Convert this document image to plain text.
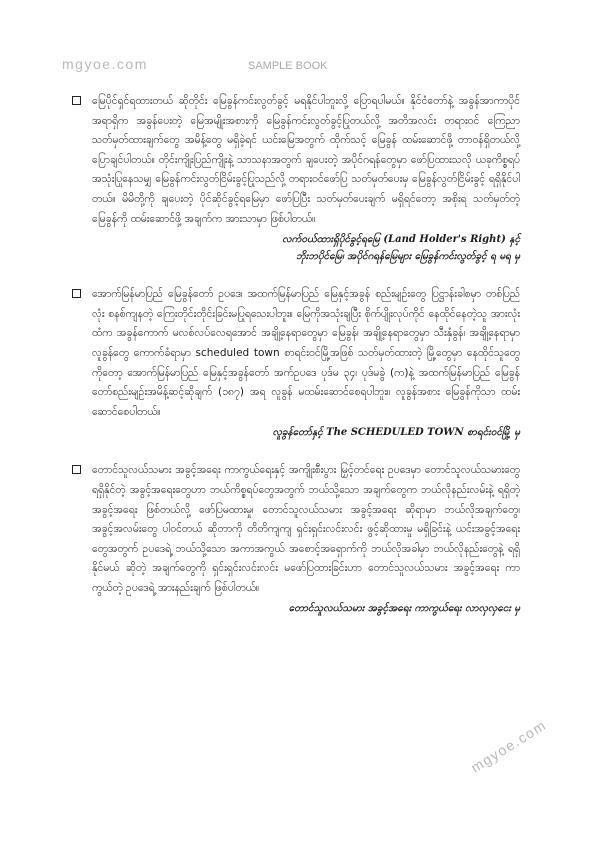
mgyoe.com	SAMPLE BOOK

မြေပိုင်ရှင်ရထားတယ် ဆိုတိုင်း မြေခွန်ကင်းလွတ်ခွင့် မရနိုင်ပါဘူးလို့ ပြောရပါမယ်။ နိုင်ငံတော်နဲ့ အခွန်အာကာပိုင် အရာရှိက အခွန်ပေးတဲ့ မြေအမျိုးအစားကို မြေခွန်ကင်းလွတ်ခွင့်ပြုတယ်လို့ အတိအလင်း တရားဝင် ကြေညာ သတ်မှတ်ထားချက်တွေ အမိန့်တွေ မရှိခဲ့ရင် ယင်းမြေအတွက် ထိုက်သင့် မြေခွန် ထမ်းဆောင်ဖို့ တာဝန်ရှိတယ်လို့ ပြောချင်ပါတယ်။ တိုင်းကျိုးပြည်ကျိုးနဲ့ သာသနာအတွက် ချပေးတဲ့ အပိုင်ဂရန်တွေမှာ ဖော်ပြထားသလို ယခုကိစ္စရပ် အသုံးပြုနေသမျှ မြေခွန်ကင်းလွတ်ငြိမ်းခွင့်ပြုသည်လို့ တရားဝင်ဖော်ပြ သတ်မှတ်ပေးမှ မြေခွန်လွတ်ငြိမ်းခွင့် ရရှိနိုင်ပါတယ်။ မိမိတို့ကို ချပေးတဲ့ ပိုင်ဆိုင်ခွင့်ရမြေမှာ ဖော်ပြပြီး သတ်မှတ်ပေးချက် မရှိရင်တော့ အစိုးရ သတ်မှတ်တဲ့ မြေခွန်ကို ထမ်းဆောင်ဖို့ အချက်က အားသာမှာ ဖြစ်ပါတယ်။

လက်ဝယ်ထားရှိပိုင်ခွင့်ရမြေ (Land Holder's Right) နှင့်
ဘိုးဘပိုင်မြေ၊ အပိုင်ဂရန်မြေများ မြေခွန်ကင်းလွတ်ခွင့် ရ မရ မှ

အောက်မြန်မာပြည် မြေခွန်တော် ဥပဒေ၊ အထက်မြန်မာပြည် မြေနှင့်အခွန် စည်းမျဉ်းတွေ ပြဋ္ဌာန်းခါစမှာ တစ်ပြည်လုံး စနစ်ကျနတဲ့ ကြေးတိုင်းတိုင်းခြင်းမပြုရသေးပါဘူး။ မြေကိုအသုံးချပြီး စိုက်ပျိုးလုပ်ကိုင် နေထိုင်နေတဲ့သူ အားလုံးထံက အခွန်ကောက် မလစ်လပ်လေရအောင် အချို့နေရာတွေမှာ မြေခွန်၊ အချို့နေရာတွေမှာ သီးနှံခွန်၊ အချို့နေရာမှာ လူခွန်တွေ ကောက်ခံရာမှာ scheduled town စာရင်းဝင်မြို့အဖြစ် သတ်မှတ်ထားတဲ့ မြို့တွေမှာ နေထိုင်သူတွေကိုတော့ အောက်မြန်မာပြည် မြေနှင့်အခွန်တော် အက်ဥပဒေ ပုဒ်မ ၃၄၊ ပုဒ်မခွဲ (က)နဲ့ အထက်မြန်မာပြည် မြေခွန်တော်စည်းမျဉ်းအမိန့်ဆင့်ဆိုချက် (၁၈၇) အရ လူခွန် မထမ်းဆောင်စေရပါဘူး။ လူခွန်အစား မြေခွန်ကိုသာ ထမ်းဆောင်စေပါတယ်။

လူခွန်တော်နှင့် The SCHEDULED TOWN စာရင်းဝင်မြို့ မှ

တောင်သူလယ်သမား အခွင့်အရေး ကာကွယ်ရေးနှင့် အကျိုးစီးပွား မြှင့်တင်ရေး ဥပဒေမှာ တောင်သူလယ်သမားတွေ ရရှိနိုင်တဲ့ အခွင့်အရေးတွေဟာ ဘယ်ကိစ္စရပ်တွေအတွက် ဘယ်သို့သော အချက်တွေက ဘယ်လိုနည်းလမ်းနဲ့ ရရှိတဲ့ အခွင့်အရေး ဖြစ်တယ်လို့ ဖော်ပြမထားမှု၊ တောင်သူလယ်သမား အခွင့်အရေး ဆိုရာမှာ ဘယ်လိုအချက်တွေ၊ အခွင့်အလမ်းတွေ ပါဝင်တယ် ဆိုတာကို တိတိကျကျ ရှင်းရှင်းလင်းလင်း ဖွင့်ဆိုထားမှု မရှိခြင်းနဲ့ ယင်းအခွင့်အရေးတွေအတွက် ဥပဒေရဲ့ ဘယ်သို့သော အကာအကွယ် အစောင့်အရှောက်ကို ဘယ်လိုအခါမှာ ဘယ်လိုနည်းတွေနဲ့ ရရှိနိုင်မယ် ဆိုတဲ့ အချက်တွေကို ရှင်းရှင်းလင်းလင်း မဖော်ပြထားခြင်းဟာ တောင်သူလယ်သမား အခွင့်အရေး ကာကွယ်တဲ့ ဥပဒေရဲ့ အားနည်းချက် ဖြစ်ပါတယ်။

တောင်သူလယ်သမား အခွင့်အရေး ကာကွယ်ရေး လာလှလှငေး မှ
mgyoe.com
